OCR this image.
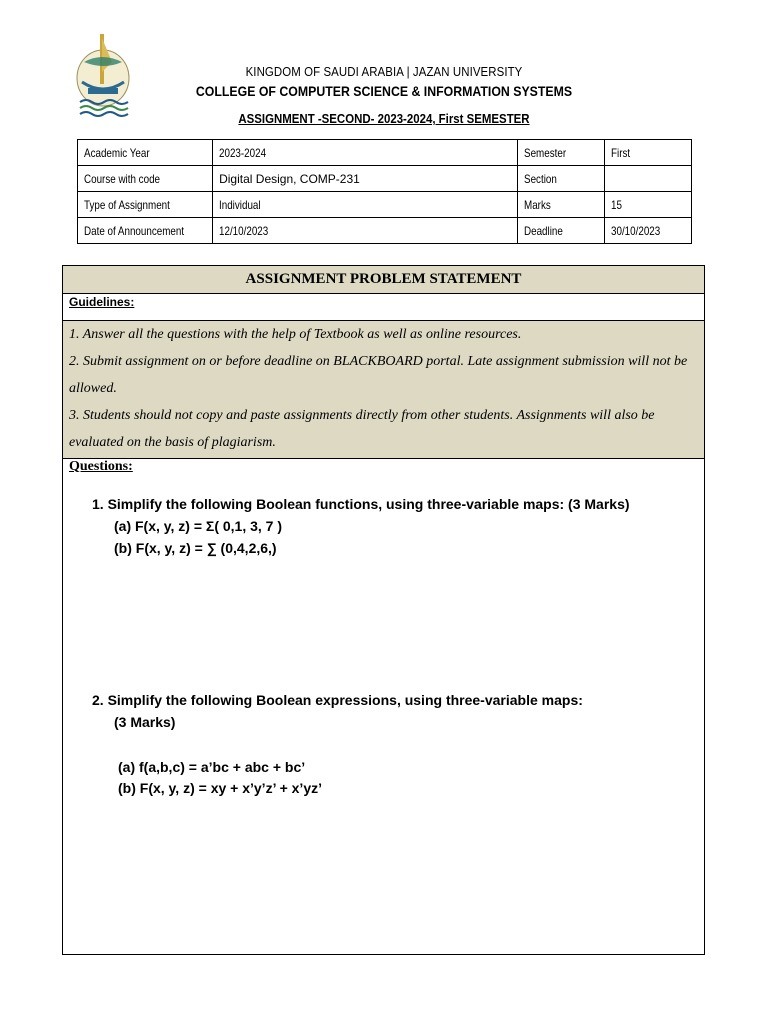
KINGDOM OF SAUDI ARABIA | JAZAN UNIVERSITY
COLLEGE OF COMPUTER SCIENCE & INFORMATION SYSTEMS
ASSIGNMENT -SECOND- 2023-2024, First SEMESTER
Academic Year	2023-2024	Semester	First
Course with code	Digital Design, COMP-231	Section	
Type of Assignment	Individual	Marks	15
Date of Announcement	12/10/2023	Deadline	30/10/2023
ASSIGNMENT PROBLEM STATEMENT
Guidelines:

1. Answer all the questions with the help of Textbook as well as online resources.

2. Submit assignment on or before deadline on BLACKBOARD portal. Late assignment submission will not be allowed.

3. Students should not copy and paste assignments directly from other students. Assignments will also be evaluated on the basis of plagiarism.

Questions:
1. Simplify the following Boolean functions, using three-variable maps: (3 Marks)
(a) F(x, y, z) = Σ( 0,1, 3, 7 )
(b) F(x, y, z) = ∑ (0,4,2,6,)
2. Simplify the following Boolean expressions, using three-variable maps:
(3 Marks)
(a) f(a,b,c) = a’bc + abc + bc’
(b) F(x, y, z) = xy + x’y’z’ + x’yz’
